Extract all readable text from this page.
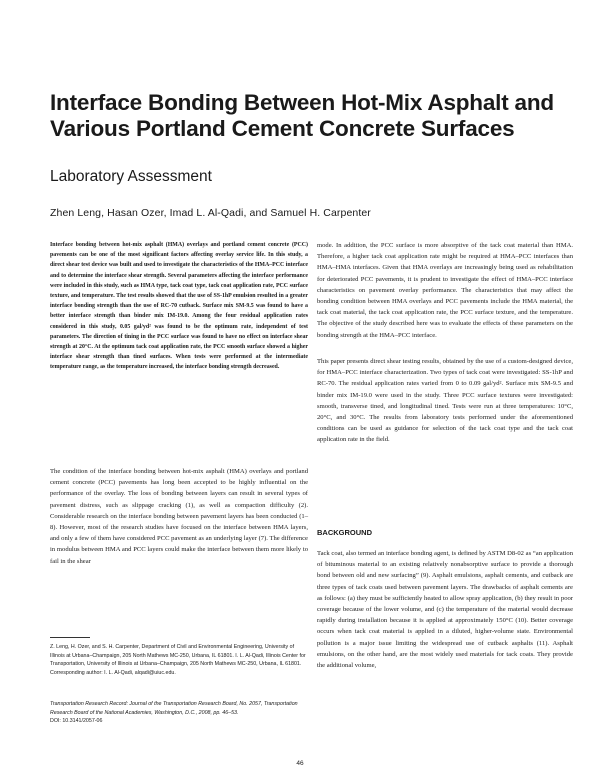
Interface Bonding Between Hot-Mix Asphalt and Various Portland Cement Concrete Surfaces
Laboratory Assessment
Zhen Leng, Hasan Ozer, Imad L. Al-Qadi, and Samuel H. Carpenter
Interface bonding between hot-mix asphalt (HMA) overlays and portland cement concrete (PCC) pavements can be one of the most significant factors affecting overlay service life. In this study, a direct shear test device was built and used to investigate the characteristics of the HMA–PCC interface and to determine the interface shear strength. Several parameters affecting the interface performance were included in this study, such as HMA type, tack coat type, tack coat application rate, PCC surface texture, and temperature. The test results showed that the use of SS-1hP emulsion resulted in a greater interface bonding strength than the use of RC-70 cutback. Surface mix SM-9.5 was found to have a better interface strength than binder mix IM-19.0. Among the four residual application rates considered in this study, 0.05 gal/yd² was found to be the optimum rate, independent of test parameters. The direction of tining in the PCC surface was found to have no effect on interface shear strength at 20°C. At the optimum tack coat application rate, the PCC smooth surface showed a higher interface shear strength than tined surfaces. When tests were performed at the intermediate temperature range, as the temperature increased, the interface bonding strength decreased.

The condition of the interface bonding between hot-mix asphalt (HMA) overlays and portland cement concrete (PCC) pavements has long been accepted to be highly influential on the performance of the overlay. The loss of bonding between layers can result in several types of pavement distress, such as slippage cracking (1), as well as compaction difficulty (2). Considerable research on the interface bonding between pavement layers has been conducted (1–8). However, most of the research studies have focused on the interface between HMA layers, and only a few of them have considered PCC pavement as an underlying layer (7). The difference in modulus between HMA and PCC layers could make the interface between them more likely to fail in the shear

mode. In addition, the PCC surface is more absorptive of the tack coat material than HMA. Therefore, a higher tack coat application rate might be required at HMA–PCC interfaces than HMA–HMA interfaces. Given that HMA overlays are increasingly being used as rehabilitation for deteriorated PCC pavements, it is prudent to investigate the effect of HMA–PCC interface characteristics on pavement overlay performance. The characteristics that may affect the bonding condition between HMA overlays and PCC pavements include the HMA material, the tack coat material, the tack coat application rate, the PCC surface texture, and the temperature. The objective of the study described here was to evaluate the effects of these parameters on the bonding strength at the HMA–PCC interface.

This paper presents direct shear testing results, obtained by the use of a custom-designed device, for HMA–PCC interface characterization. Two types of tack coat were investigated: SS-1hP and RC-70. The residual application rates varied from 0 to 0.09 gal/yd². Surface mix SM-9.5 and binder mix IM-19.0 were used in the study. Three PCC surface textures were investigated: smooth, transverse tined, and longitudinal tined. Tests were run at three temperatures: 10°C, 20°C, and 30°C. The results from laboratory tests performed under the aforementioned conditions can be used as guidance for selection of the tack coat type and the tack coat application rate in the field.

BACKGROUND

Tack coat, also termed an interface bonding agent, is defined by ASTM D8-02 as “an application of bituminous material to an existing relatively nonabsorptive surface to provide a thorough bond between old and new surfacing” (9). Asphalt emulsions, asphalt cements, and cutback are three types of tack coats used between pavement layers. The drawbacks of asphalt cements are as follows: (a) they must be sufficiently heated to allow spray application, (b) they result in poor coverage because of the lower volume, and (c) the temperature of the material would decrease rapidly during installation because it is applied at approximately 150°C (10). Better coverage occurs when tack coat material is applied in a diluted, higher-volume state. Environmental pollution is a major issue limiting the widespread use of cutback asphalts (11). Asphalt emulsions, on the other hand, are the most widely used materials for tack coats. They provide the additional volume,

Z. Leng, H. Ozer, and S. H. Carpenter, Department of Civil and Environmental Engineering, University of Illinois at Urbana–Champaign, 205 North Mathews MC-250, Urbana, IL 61801. I. L. Al-Qadi, Illinois Center for Transportation, University of Illinois at Urbana–Champaign, 205 North Mathews MC-250, Urbana, IL 61801. Corresponding author: I. L. Al-Qadi, alqadi@uiuc.edu.
Transportation Research Record: Journal of the Transportation Research Board, No. 2057, Transportation Research Board of the National Academies, Washington, D.C., 2008, pp. 46–53.
DOI: 10.3141/2057-06
46
